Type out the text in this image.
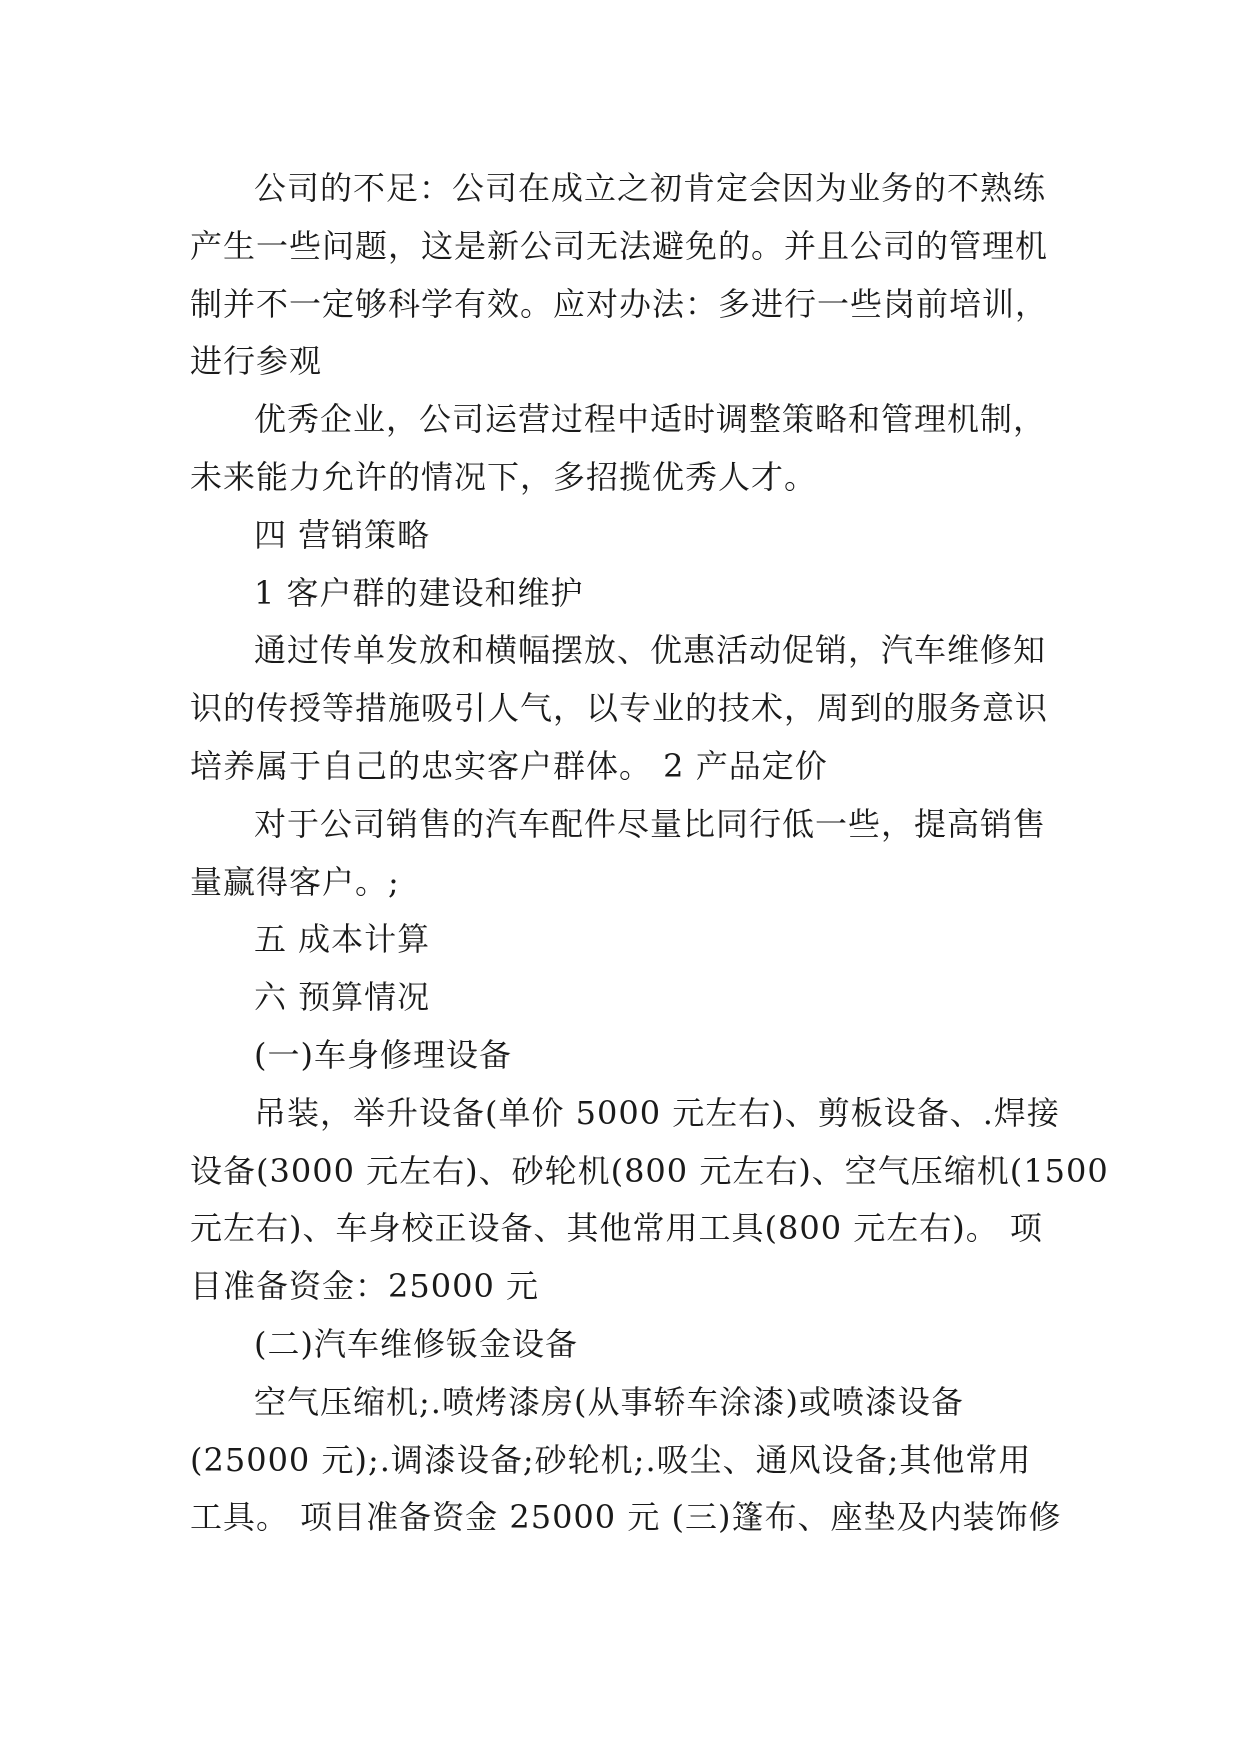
公司的不足：公司在成立之初肯定会因为业务的不熟练
产生一些问题，这是新公司无法避免的。并且公司的管理机
制并不一定够科学有效。应对办法：多进行一些岗前培训，
进行参观
优秀企业，公司运营过程中适时调整策略和管理机制，
未来能力允许的情况下，多招揽优秀人才。
四 营销策略
1 客户群的建设和维护
通过传单发放和横幅摆放、优惠活动促销，汽车维修知
识的传授等措施吸引人气，以专业的技术，周到的服务意识
培养属于自己的忠实客户群体。 2 产品定价
对于公司销售的汽车配件尽量比同行低一些，提高销售
量赢得客户。;
五 成本计算
六 预算情况
(一)车身修理设备
吊装，举升设备(单价 5000 元左右)、剪板设备、.焊接
设备(3000 元左右)、砂轮机(800 元左右)、空气压缩机(1500
元左右)、车身校正设备、其他常用工具(800 元左右)。 项
目准备资金：25000 元
(二)汽车维修钣金设备
空气压缩机;.喷烤漆房(从事轿车涂漆)或喷漆设备
(25000 元);.调漆设备;砂轮机;.吸尘、通风设备;其他常用
工具。 项目准备资金 25000 元 (三)篷布、座垫及内装饰修
